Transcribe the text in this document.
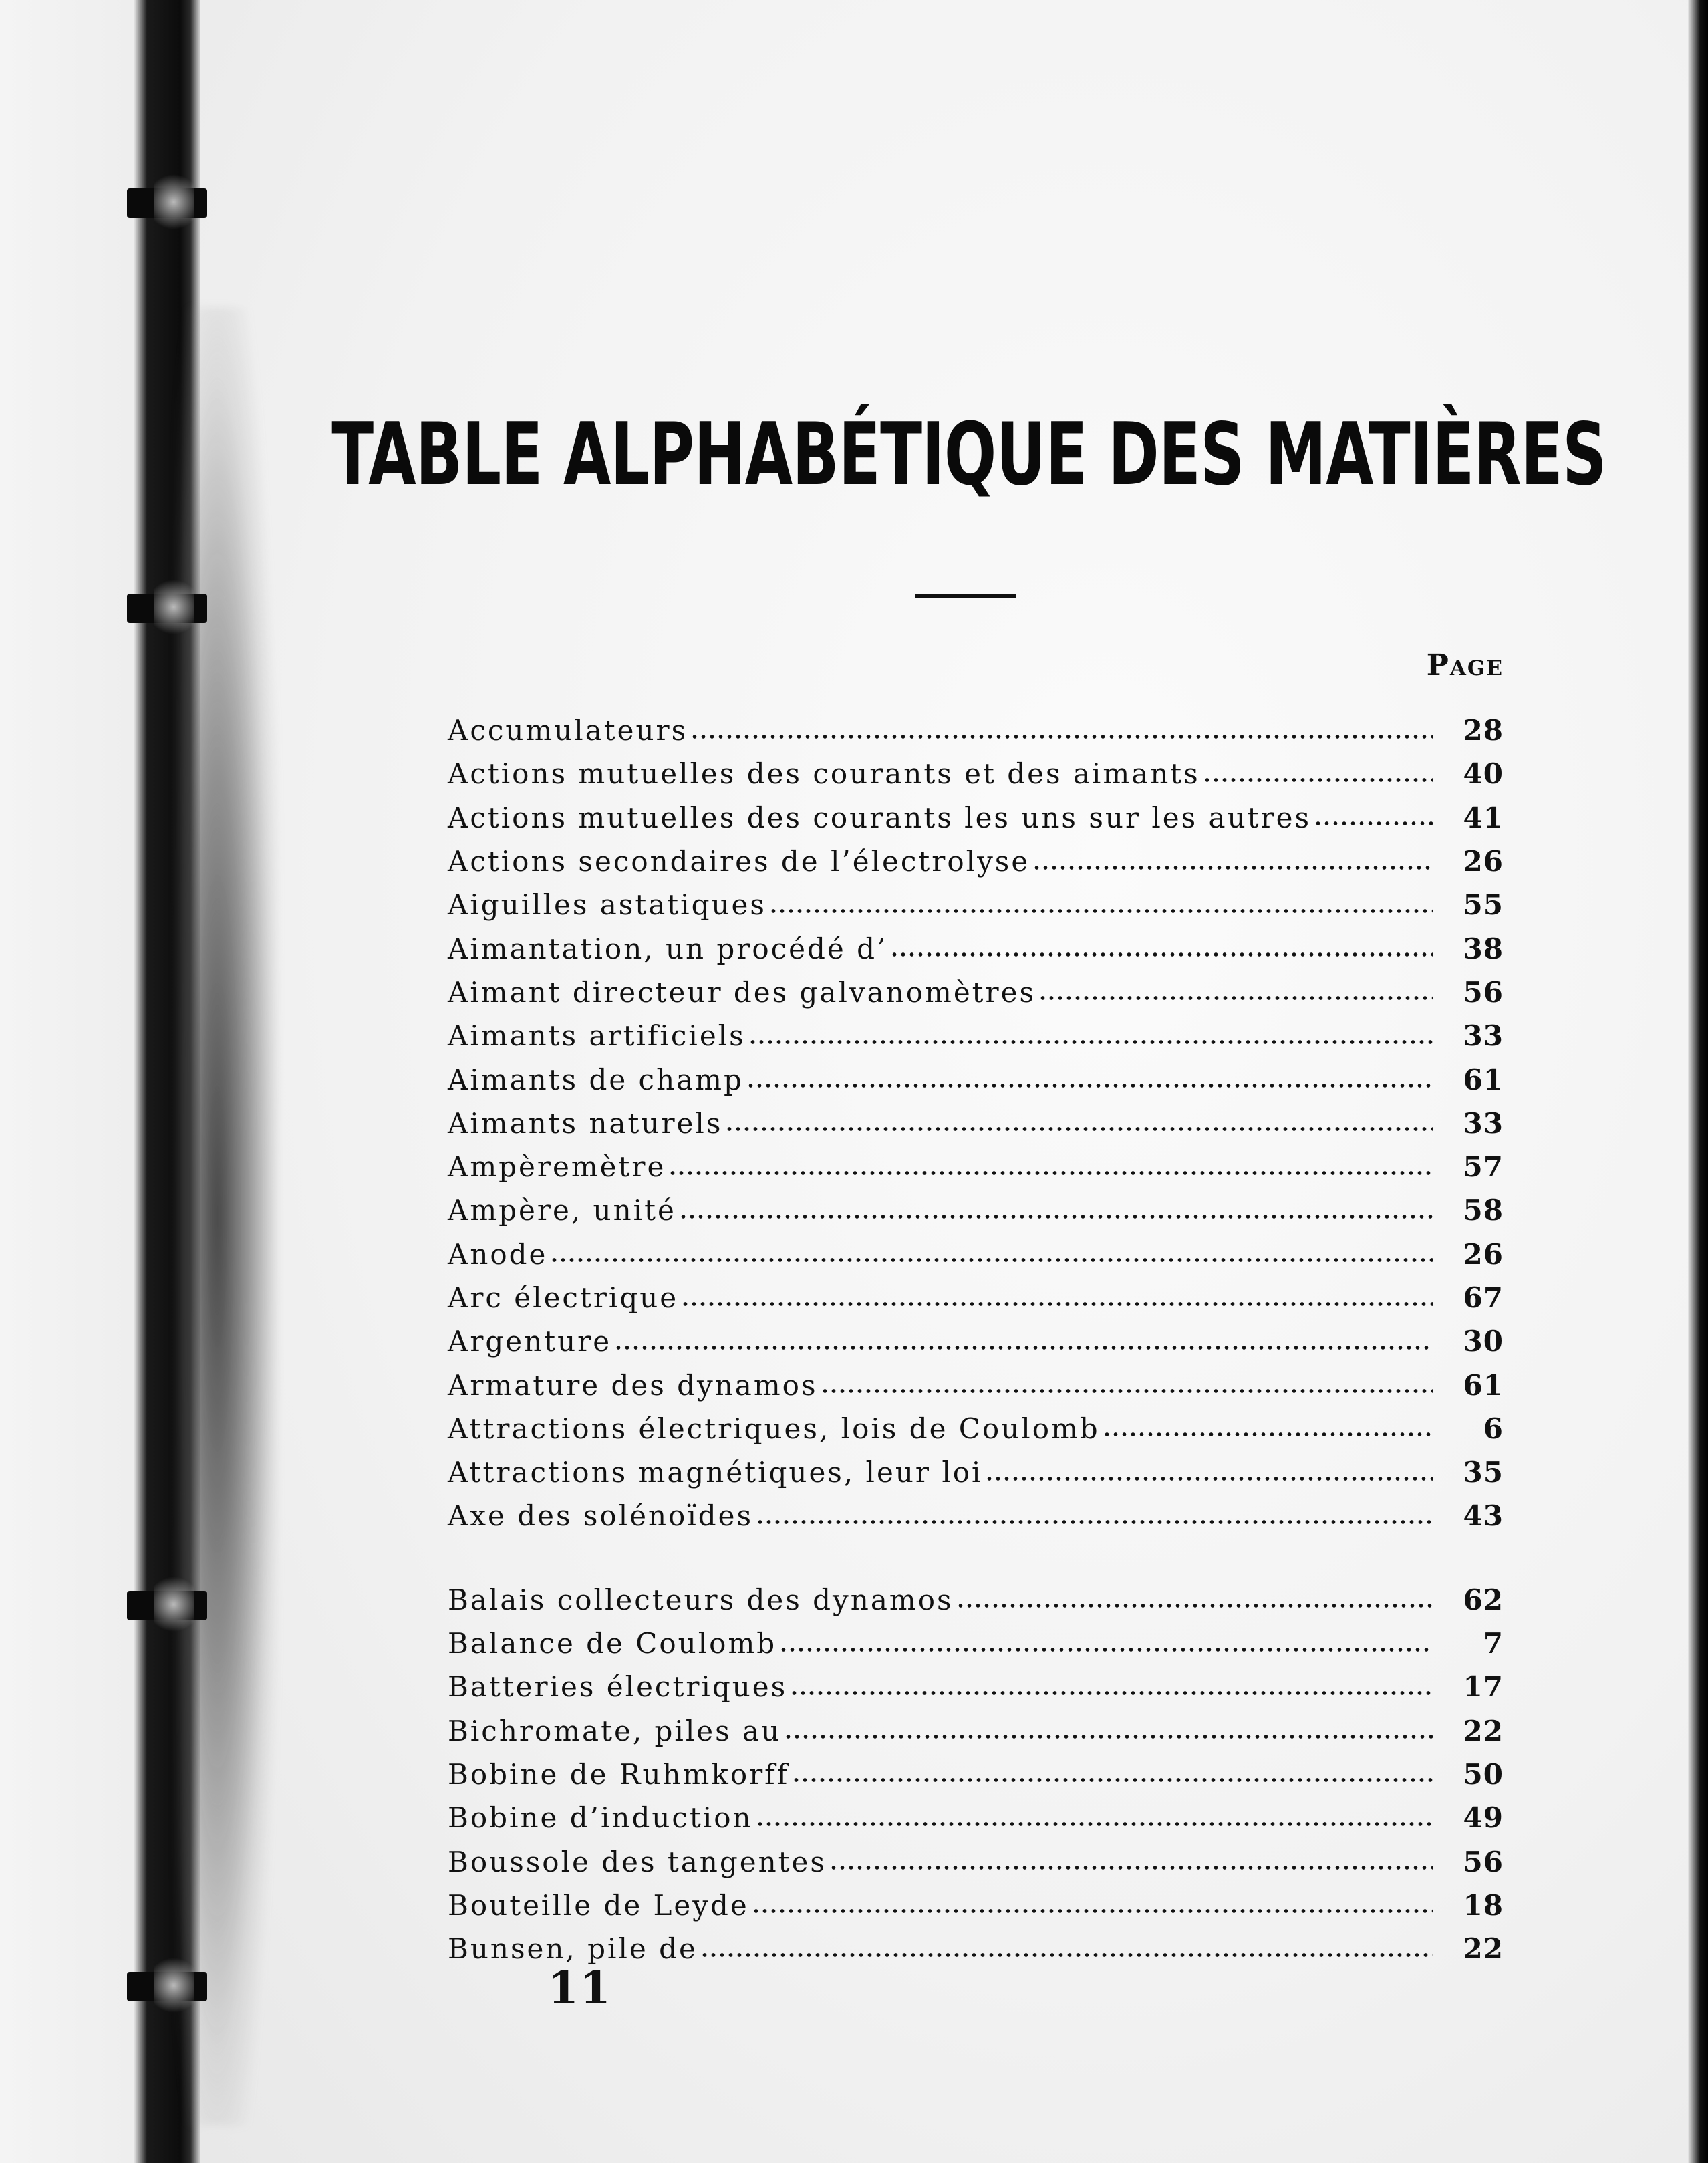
TABLE ALPHABÉTIQUE DES MATIÈRES
Page
Accumulateurs	28
Actions mutuelles des courants et des aimants	40
Actions mutuelles des courants les uns sur les autres	41
Actions secondaires de l’électrolyse	26
Aiguilles astatiques	55
Aimantation, un procédé d’	38
Aimant directeur des galvanomètres	56
Aimants artificiels	33
Aimants de champ	61
Aimants naturels	33
Ampèremètre	57
Ampère, unité	58
Anode	26
Arc électrique	67
Argenture	30
Armature des dynamos	61
Attractions électriques, lois de Coulomb	6
Attractions magnétiques, leur loi	35
Axe des solénoïdes	43
Balais collecteurs des dynamos	62
Balance de Coulomb	7
Batteries électriques	17
Bichromate, piles au	22
Bobine de Ruhmkorff	50
Bobine d’induction	49
Boussole des tangentes	56
Bouteille de Leyde	18
Bunsen, pile de	22
11
